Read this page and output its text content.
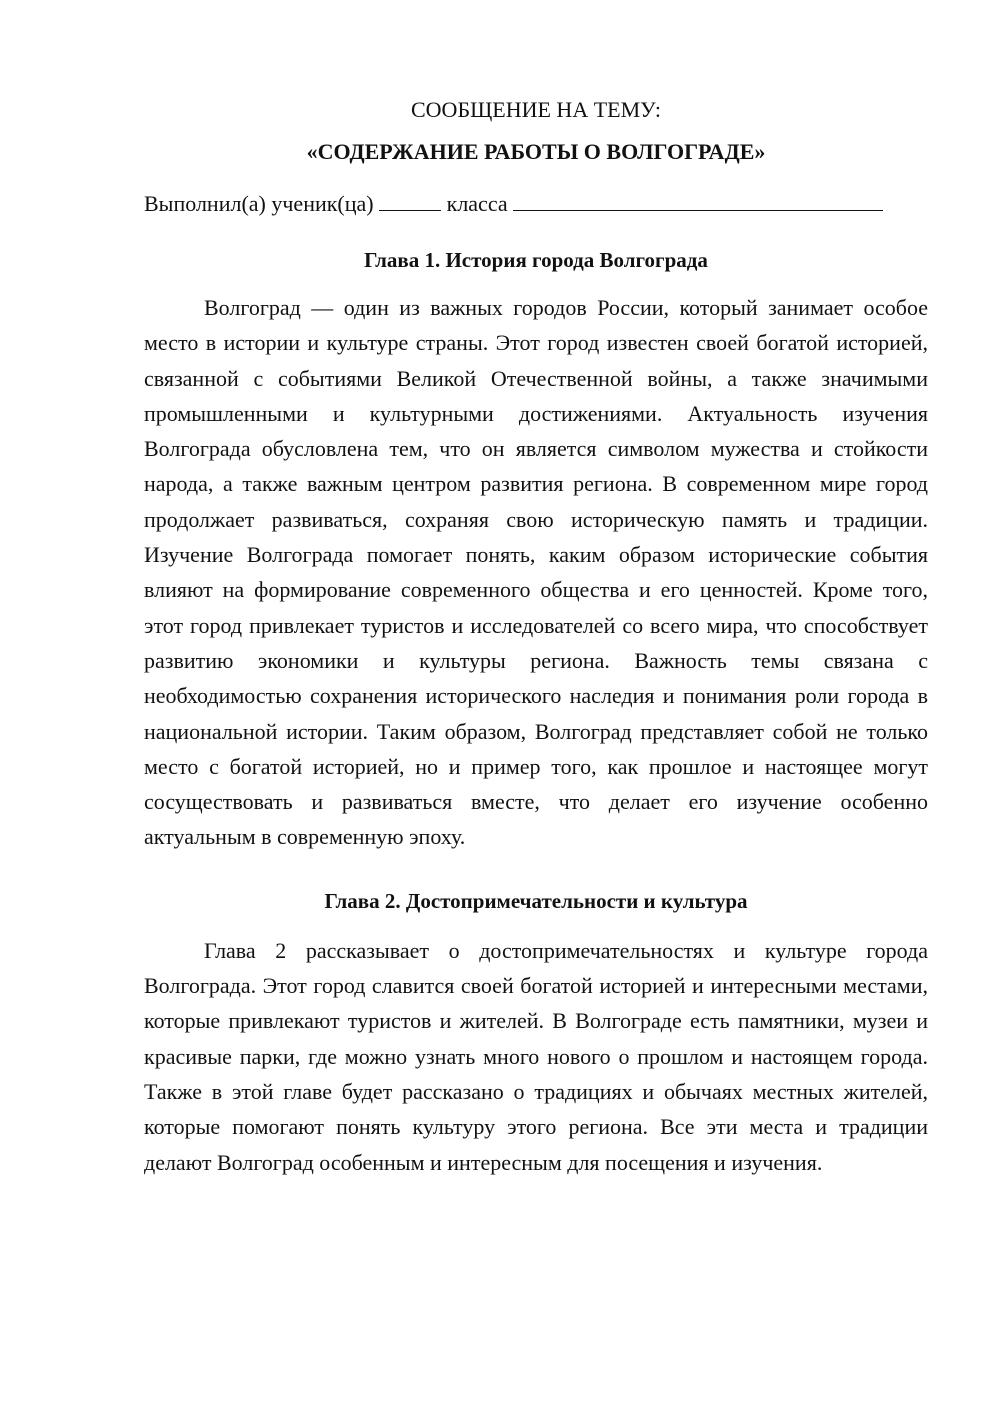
СООБЩЕНИЕ НА ТЕМУ:

«СОДЕРЖАНИЕ РАБОТЫ О ВОЛГОГРАДЕ»

Выполнил(а) ученик(ца)	класса

Глава 1. История города Волгограда

Волгоград — один из важных городов России, который занимает особое место в истории и культуре страны. Этот город известен своей богатой историей, связанной с событиями Великой Отечественной войны, а также значимыми промышленными и культурными достижениями. Актуальность изучения Волгограда обусловлена тем, что он является символом мужества и стойкости народа, а также важным центром развития региона. В современном мире город продолжает развиваться, сохраняя свою историческую память и традиции. Изучение Волгограда помогает понять, каким образом исторические события влияют на формирование современного общества и его ценностей. Кроме того, этот город привлекает туристов и исследователей со всего мира, что способствует развитию экономики и культуры региона. Важность темы связана с необходимостью сохранения исторического наследия и понимания роли города в национальной истории. Таким образом, Волгоград представляет собой не только место с богатой историей, но и пример того, как прошлое и настоящее могут сосуществовать и развиваться вместе, что делает его изучение особенно актуальным в современную эпоху.

Глава 2. Достопримечательности и культура

Глава 2 рассказывает о достопримечательностях и культуре города Волгограда. Этот город славится своей богатой историей и интересными местами, которые привлекают туристов и жителей. В Волгограде есть памятники, музеи и красивые парки, где можно узнать много нового о прошлом и настоящем города. Также в этой главе будет рассказано о традициях и обычаях местных жителей, которые помогают понять культуру этого региона. Все эти места и традиции делают Волгоград особенным и интересным для посещения и изучения.
